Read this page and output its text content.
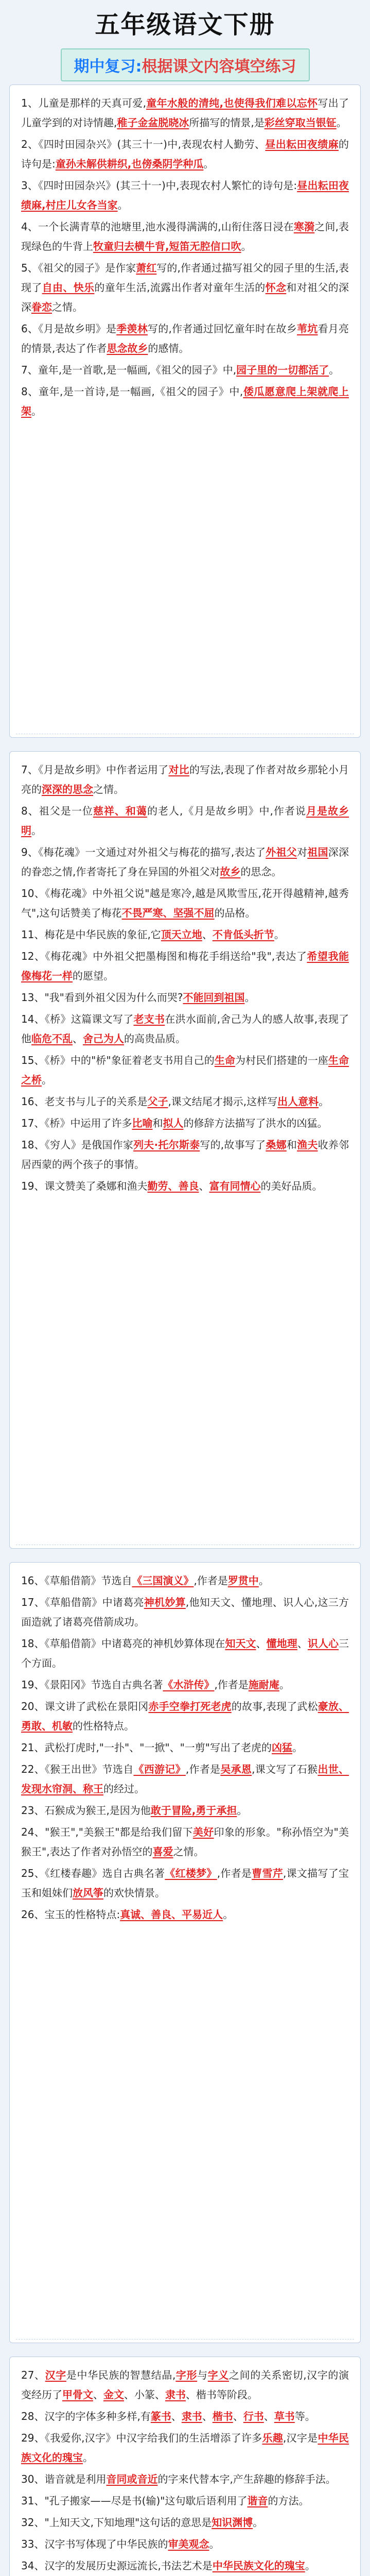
五年级语文下册
期中复习:根据课文内容填空练习

1、儿童是那样的天真可爱,童年水般的清纯,也使得我们难以忘怀写出了儿童学到的对诗情趣,稚子金盆脱晓冰所描写的情景,是彩丝穿取当银钲。

2、《四时田园杂兴》(其三十一)中,表现农村人勤劳、昼出耘田夜绩麻的诗句是:童孙未解供耕织,也傍桑阴学种瓜。

3、《四时田园杂兴》(其三十一)中,表现农村人繁忙的诗句是:昼出耘田夜绩麻,村庄儿女各当家。

4、一个长满青草的池塘里,池水漫得满满的,山衔住落日浸在寒漪之间,表现绿色的牛背上牧童归去横牛背,短笛无腔信口吹。

5、《祖父的园子》是作家萧红写的,作者通过描写祖父的园子里的生活,表现了自由、快乐的童年生活,流露出作者对童年生活的怀念和对祖父的深深眷恋之情。

6、《月是故乡明》是季羡林写的,作者通过回忆童年时在故乡苇坑看月亮的情景,表达了作者思念故乡的感情。

7、童年,是一首歌,是一幅画,《祖父的园子》中,园子里的一切都活了。

8、童年,是一首诗,是一幅画,《祖父的园子》中,倭瓜愿意爬上架就爬上架。

7、《月是故乡明》中作者运用了对比的写法,表现了作者对故乡那轮小月亮的深深的思念之情。

8、祖父是一位慈祥、和蔼的老人,《月是故乡明》中,作者说月是故乡明。

9、《梅花魂》一文通过对外祖父与梅花的描写,表达了外祖父对祖国深深的眷恋之情,作者寄托了身在异国的外祖父对故乡的思念。

10、《梅花魂》中外祖父说"越是寒冷,越是风欺雪压,花开得越精神,越秀气",这句话赞美了梅花不畏严寒、坚强不屈的品格。

11、梅花是中华民族的象征,它顶天立地、不肯低头折节。

12、《梅花魂》中外祖父把墨梅图和梅花手绢送给"我",表达了希望我能像梅花一样的愿望。

13、"我"看到外祖父因为什么而哭?不能回到祖国。

14、《桥》这篇课文写了老支书在洪水面前,舍己为人的感人故事,表现了他临危不乱、舍己为人的高贵品质。

15、《桥》中的"桥"象征着老支书用自己的生命为村民们搭建的一座生命之桥。

16、老支书与儿子的关系是父子,课文结尾才揭示,这样写出人意料。

17、《桥》中运用了许多比喻和拟人的修辞方法描写了洪水的凶猛。

18、《穷人》是俄国作家列夫·托尔斯泰写的,故事写了桑娜和渔夫收养邻居西蒙的两个孩子的事情。

19、课文赞美了桑娜和渔夫勤劳、善良、富有同情心的美好品质。

16、《草船借箭》节选自《三国演义》,作者是罗贯中。

17、《草船借箭》中诸葛亮神机妙算,他知天文、懂地理、识人心,这三方面造就了诸葛亮借箭成功。

18、《草船借箭》中诸葛亮的神机妙算体现在知天文、懂地理、识人心三个方面。

19、《景阳冈》节选自古典名著《水浒传》,作者是施耐庵。

20、课文讲了武松在景阳冈赤手空拳打死老虎的故事,表现了武松豪放、勇敢、机敏的性格特点。

21、武松打虎时,"一扑"、"一掀"、"一剪"写出了老虎的凶猛。

22、《猴王出世》节选自《西游记》,作者是吴承恩,课文写了石猴出世、发现水帘洞、称王的经过。

23、石猴成为猴王,是因为他敢于冒险,勇于承担。

24、"猴王","美猴王"都是给我们留下美好印象的形象。"称孙悟空为"美猴王",表达了作者对孙悟空的喜爱之情。

25、《红楼春趣》选自古典名著《红楼梦》,作者是曹雪芹,课文描写了宝玉和姐妹们放风筝的欢快情景。

26、宝玉的性格特点:真诚、善良、平易近人。

27、汉字是中华民族的智慧结晶,字形与字义之间的关系密切,汉字的演变经历了甲骨文、金文、小篆、隶书、楷书等阶段。

28、汉字的字体多种多样,有篆书、隶书、楷书、行书、草书等。

29、《我爱你,汉字》中汉字给我们的生活增添了许多乐趣,汉字是中华民族文化的瑰宝。

30、谐音就是利用音同或音近的字来代替本字,产生辞趣的修辞手法。

31、"孔子搬家——尽是书(输)"这句歇后语利用了谐音的方法。

32、"上知天文,下知地理"这句话的意思是知识渊博。

33、汉字书写体现了中华民族的审美观念。

34、汉字的发展历史源远流长,书法艺术是中华民族文化的瑰宝。
